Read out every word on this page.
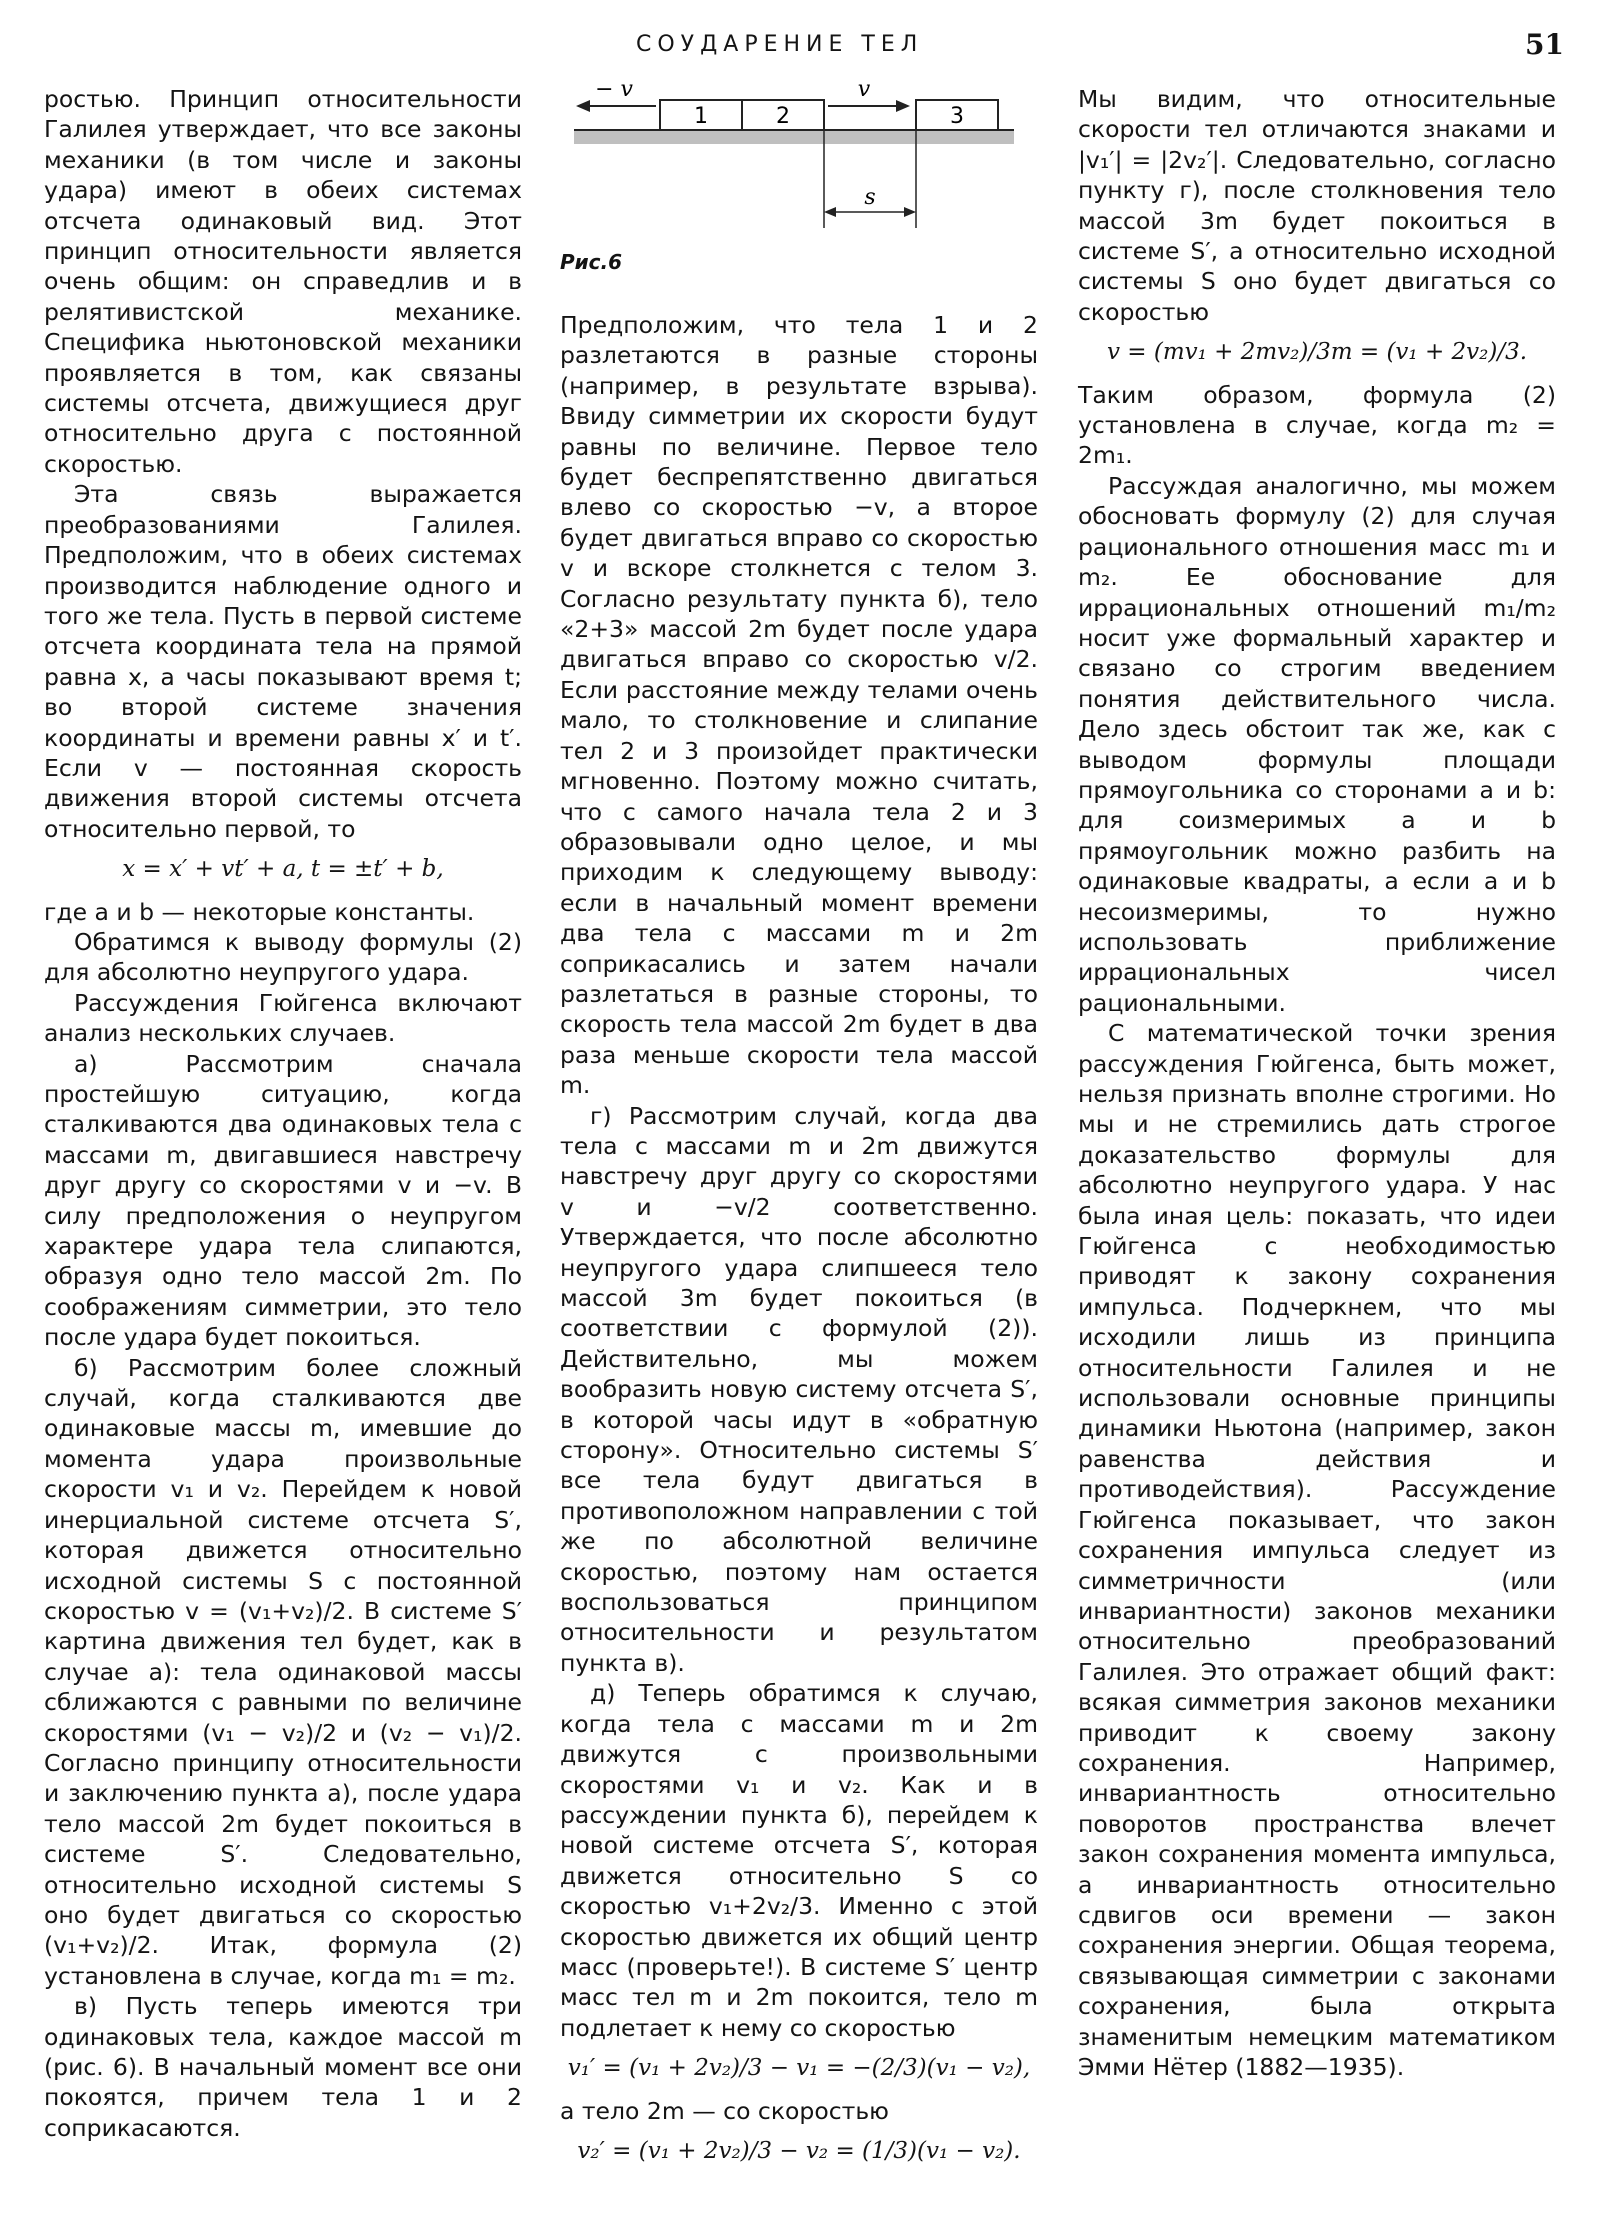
СОУДАРЕНИЕ ТЕЛ	51
1	2	3
− v	v
s
Рис.6

ростью. Принцип относительности Галилея утверждает, что все законы механики (в том числе и законы удара) имеют в обеих системах отсчета одинаковый вид. Этот принцип относительности является очень общим: он справедлив и в релятивистской механике. Специфика ньютоновской механики проявляется в том, как связаны системы отсчета, движущиеся друг относительно друга с постоянной скоростью.

Эта связь выражается преобразованиями Галилея. Предположим, что в обеих системах производится наблюдение одного и того же тела. Пусть в первой системе отсчета координата тела на прямой равна x, а часы показывают время t; во второй системе значения координаты и времени равны x′ и t′. Если v — постоянная скорость движения второй системы отсчета относительно первой, то

x = x′ + vt′ + a, t = ±t′ + b,

где a и b — некоторые константы.

Обратимся к выводу формулы (2) для абсолютно неупругого удара.

Рассуждения Гюйгенса включают анализ нескольких случаев.

а) Рассмотрим сначала простейшую ситуацию, когда сталкиваются два одинаковых тела с массами m, двигавшиеся навстречу друг другу со скоростями v и −v. В силу предположения о неупругом характере удара тела слипаются, образуя одно тело массой 2m. По соображениям симметрии, это тело после удара будет покоиться.

б) Рассмотрим более сложный случай, когда сталкиваются две одинаковые массы m, имевшие до момента удара произвольные скорости v₁ и v₂. Перейдем к новой инерциальной системе отсчета S′, которая движется относительно исходной системы S с постоянной скоростью v = (v₁+v₂)/2. В системе S′ картина движения тел будет, как в случае а): тела одинаковой массы сближаются с равными по величине скоростями (v₁ − v₂)/2 и (v₂ − v₁)/2. Согласно принципу относительности и заключению пункта а), после удара тело массой 2m будет покоиться в системе S′. Следовательно, относительно исходной системы S оно будет двигаться со скоростью (v₁+v₂)/2. Итак, формула (2) установлена в случае, когда m₁ = m₂.

в) Пусть теперь имеются три одинаковых тела, каждое массой m (рис. 6). В начальный момент все они покоятся, причем тела 1 и 2 соприкасаются.

Предположим, что тела 1 и 2 разлетаются в разные стороны (например, в результате взрыва). Ввиду симметрии их скорости будут равны по величине. Первое тело будет беспрепятственно двигаться влево со скоростью −v, а второе будет двигаться вправо со скоростью v и вскоре столкнется с телом 3. Согласно результату пункта б), тело «2+3» массой 2m будет после удара двигаться вправо со скоростью v/2. Если расстояние между телами очень мало, то столкновение и слипание тел 2 и 3 произойдет практически мгновенно. Поэтому можно считать, что с самого начала тела 2 и 3 образовывали одно целое, и мы приходим к следующему выводу: если в начальный момент времени два тела с массами m и 2m соприкасались и затем начали разлетаться в разные стороны, то скорость тела массой 2m будет в два раза меньше скорости тела массой m.

г) Рассмотрим случай, когда два тела с массами m и 2m движутся навстречу друг другу со скоростями v и −v/2 соответственно. Утверждается, что после абсолютно неупругого удара слипшееся тело массой 3m будет покоиться (в соответствии с формулой (2)). Действительно, мы можем вообразить новую систему отсчета S′, в которой часы идут в «обратную сторону». Относительно системы S′ все тела будут двигаться в противоположном направлении с той же по абсолютной величине скоростью, поэтому нам остается воспользоваться принципом относительности и результатом пункта в).

д) Теперь обратимся к случаю, когда тела с массами m и 2m движутся с произвольными скоростями v₁ и v₂. Как и в рассуждении пункта б), перейдем к новой системе отсчета S′, которая движется относительно S со скоростью v₁+2v₂/3. Именно с этой скоростью движется их общий центр масс (проверьте!). В системе S′ центр масс тел m и 2m покоится, тело m подлетает к нему со скоростью

v₁′ = (v₁ + 2v₂)/3 − v₁ = −(2/3)(v₁ − v₂),

а тело 2m — со скоростью

v₂′ = (v₁ + 2v₂)/3 − v₂ = (1/3)(v₁ − v₂).

Мы видим, что относительные скорости тел отличаются знаками и |v₁′| = |2v₂′|. Следовательно, согласно пункту г), после столкновения тело массой 3m будет покоиться в системе S′, а относительно исходной системы S оно будет двигаться со скоростью

v = (mv₁ + 2mv₂)/3m = (v₁ + 2v₂)/3.

Таким образом, формула (2) установлена в случае, когда m₂ = 2m₁.

Рассуждая аналогично, мы можем обосновать формулу (2) для случая рационального отношения масс m₁ и m₂. Ее обоснование для иррациональных отношений m₁/m₂ носит уже формальный характер и связано со строгим введением понятия действительного числа. Дело здесь обстоит так же, как с выводом формулы площади прямоугольника со сторонами a и b: для соизмеримых a и b прямоугольник можно разбить на одинаковые квадраты, а если a и b несоизмеримы, то нужно использовать приближение иррациональных чисел рациональными.

С математической точки зрения рассуждения Гюйгенса, быть может, нельзя признать вполне строгими. Но мы и не стремились дать строгое доказательство формулы для абсолютно неупругого удара. У нас была иная цель: показать, что идеи Гюйгенса с необходимостью приводят к закону сохранения импульса. Подчеркнем, что мы исходили лишь из принципа относительности Галилея и не использовали основные принципы динамики Ньютона (например, закон равенства действия и противодействия). Рассуждение Гюйгенса показывает, что закон сохранения импульса следует из симметричности (или инвариантности) законов механики относительно преобразований Галилея. Это отражает общий факт: всякая симметрия законов механики приводит к своему закону сохранения. Например, инвариантность относительно поворотов пространства влечет закон сохранения момента импульса, а инвариантность относительно сдвигов оси времени — закон сохранения энергии. Общая теорема, связывающая симметрии с законами сохранения, была открыта знаменитым немецким математиком Эмми Нётер (1882—1935).
